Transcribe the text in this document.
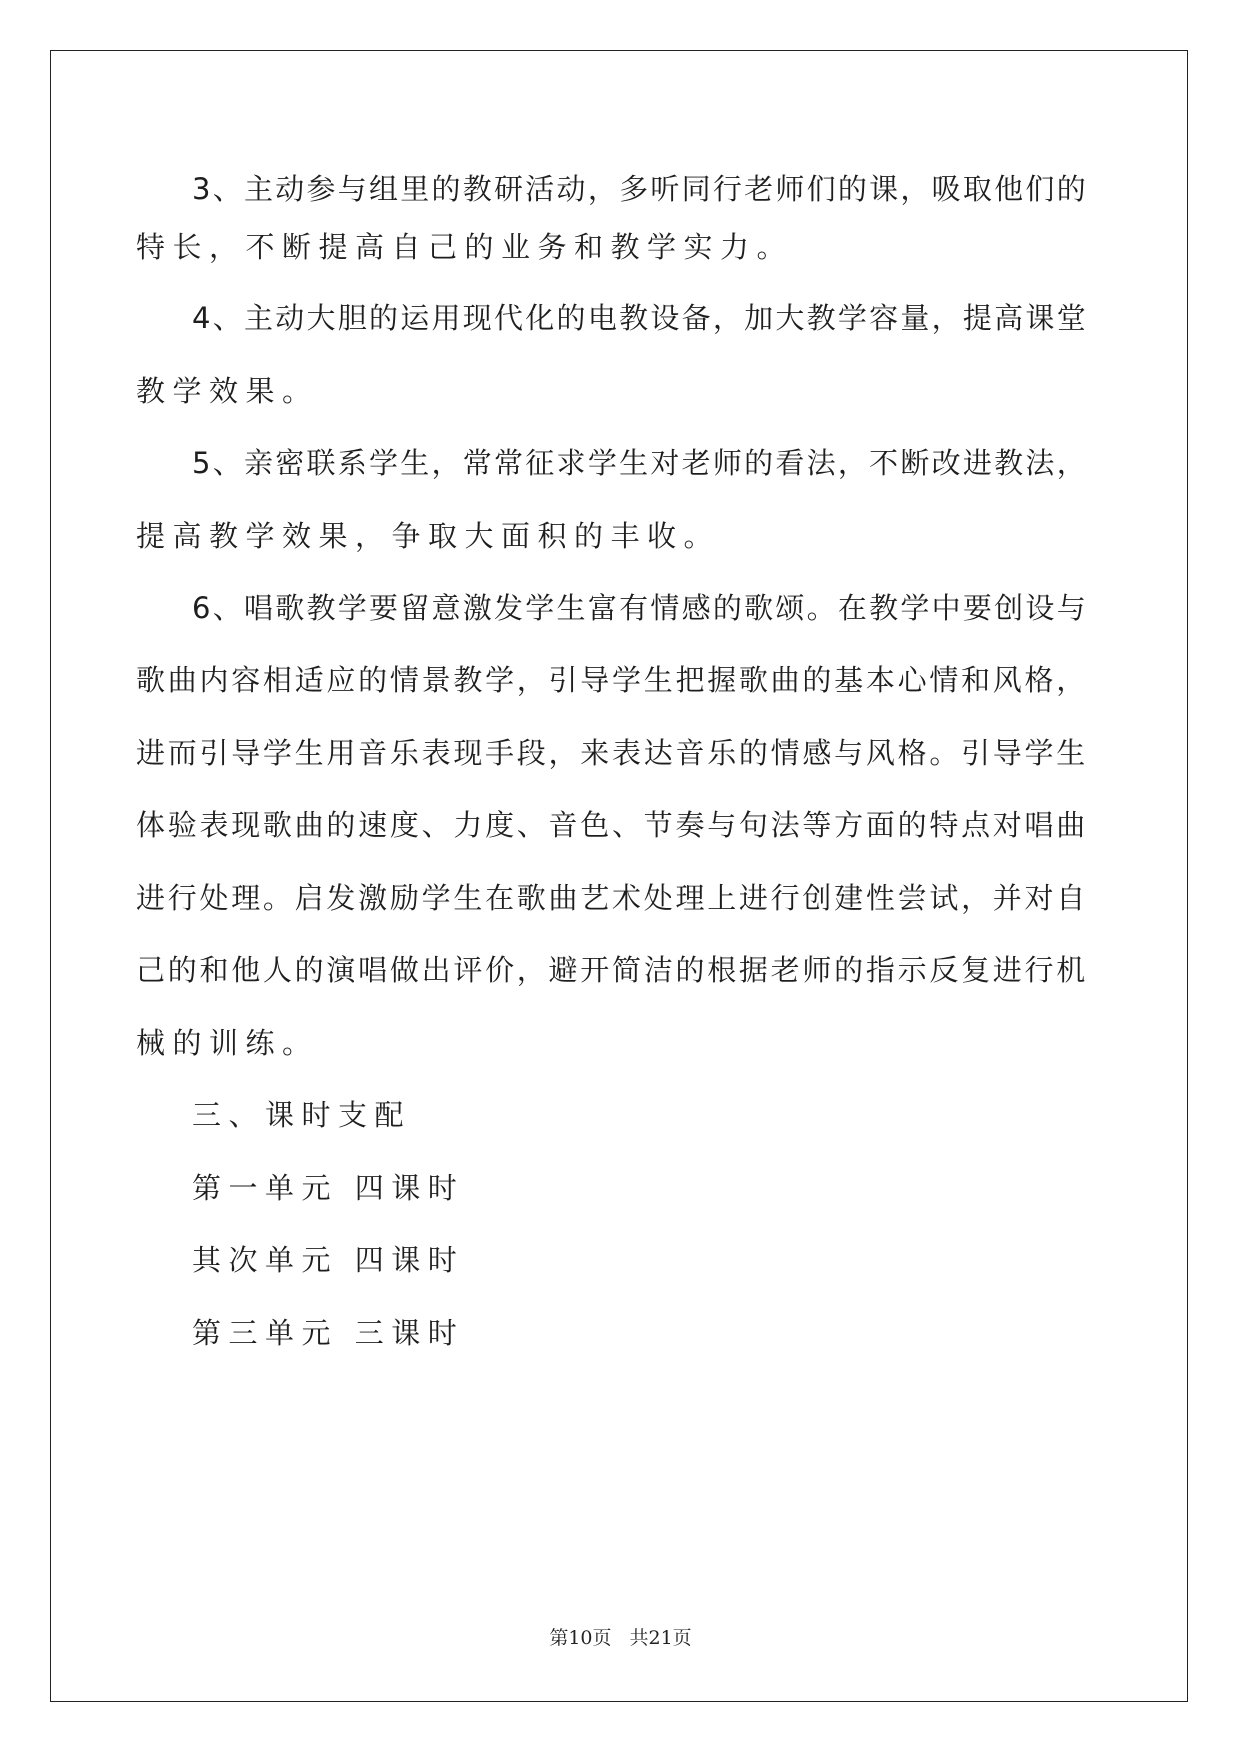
3、主动参与组里的教研活动，多听同行老师们的课，吸取他们的
特长，不断提高自己的业务和教学实力。
4、主动大胆的运用现代化的电教设备，加大教学容量，提高课堂
教学效果。
5、亲密联系学生，常常征求学生对老师的看法，不断改进教法，
提高教学效果，争取大面积的丰收。
6、唱歌教学要留意激发学生富有情感的歌颂。在教学中要创设与
歌曲内容相适应的情景教学，引导学生把握歌曲的基本心情和风格，
进而引导学生用音乐表现手段，来表达音乐的情感与风格。引导学生
体验表现歌曲的速度、力度、音色、节奏与句法等方面的特点对唱曲
进行处理。启发激励学生在歌曲艺术处理上进行创建性尝试，并对自
己的和他人的演唱做出评价，避开简洁的根据老师的指示反复进行机
械的训练。
三、课时支配
第一单元 四课时
其次单元 四课时
第三单元 三课时
第10页 共21页
